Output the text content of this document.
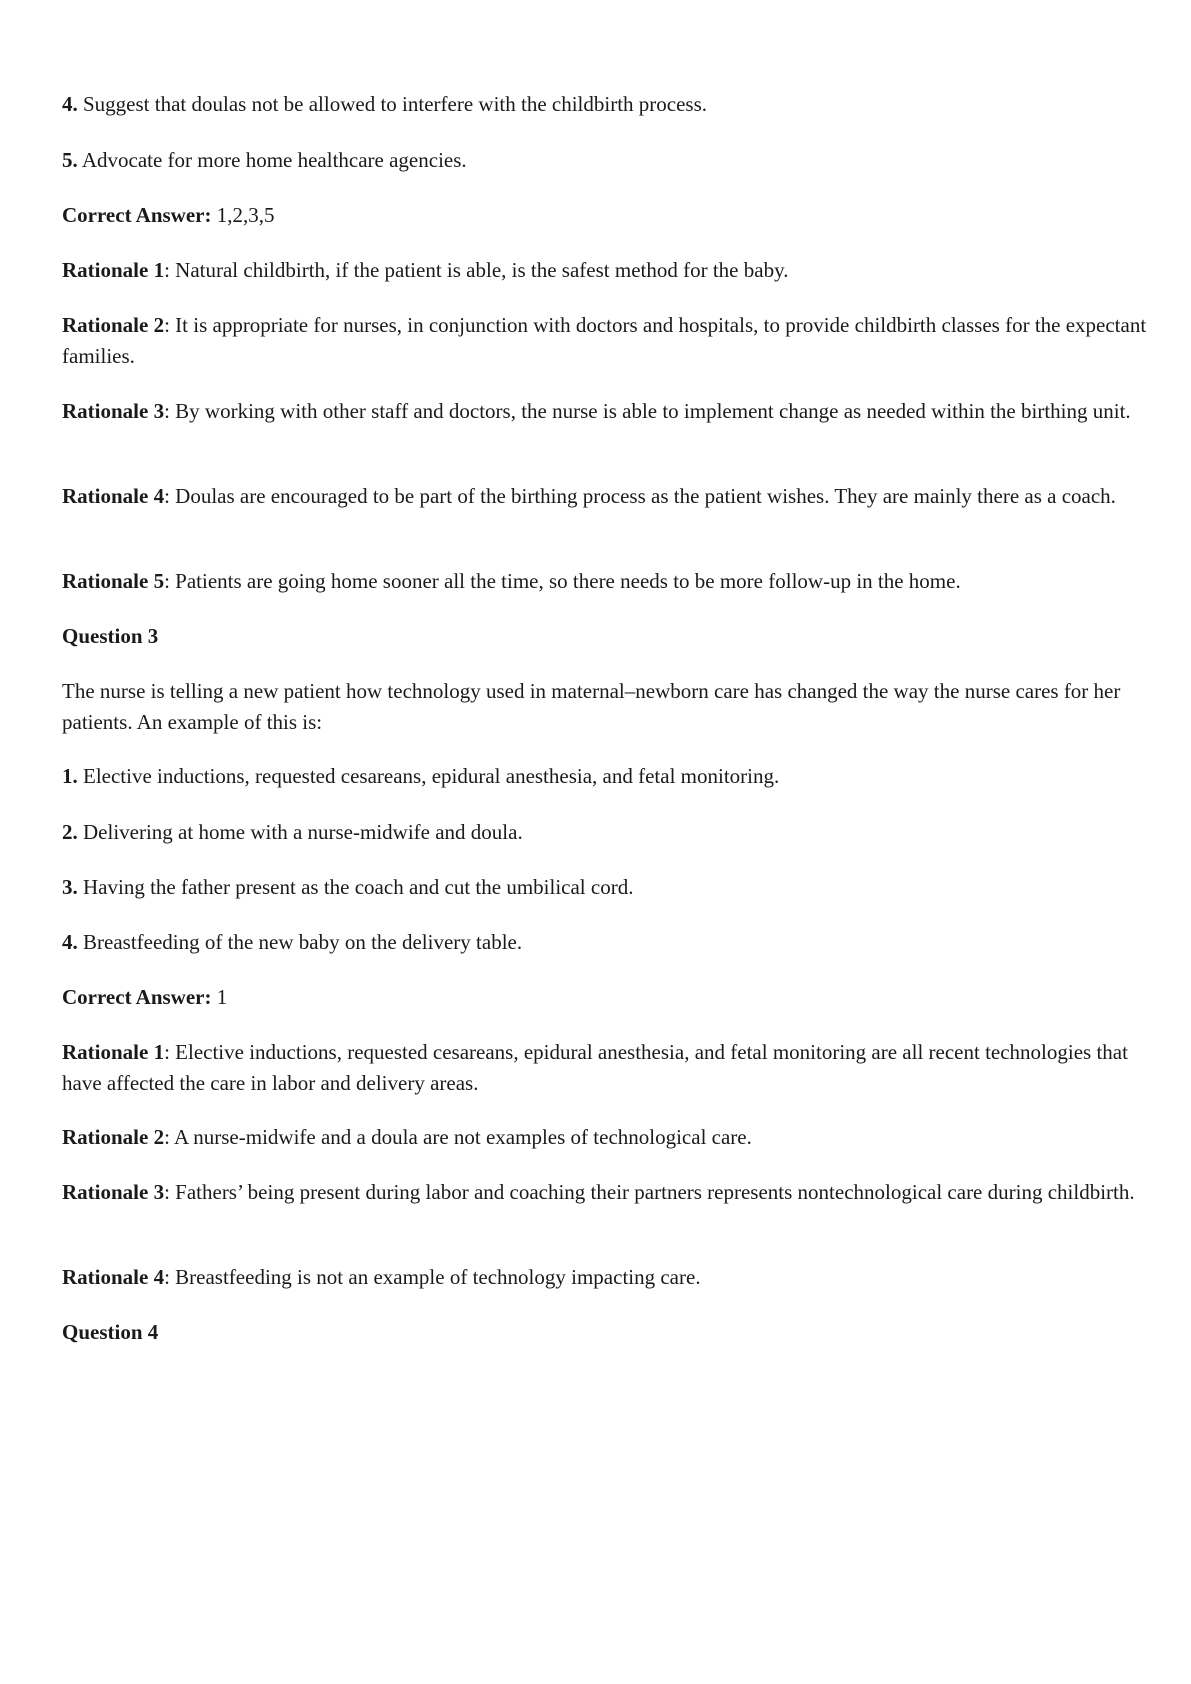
4. Suggest that doulas not be allowed to interfere with the childbirth process.

5. Advocate for more home healthcare agencies.

Correct Answer: 1,2,3,5

Rationale 1: Natural childbirth, if the patient is able, is the safest method for the baby.

Rationale 2: It is appropriate for nurses, in conjunction with doctors and hospitals, to provide childbirth classes for the expectant families.

Rationale 3: By working with other staff and doctors, the nurse is able to implement change as needed within the birthing unit.

Rationale 4: Doulas are encouraged to be part of the birthing process as the patient wishes. They are mainly there as a coach.

Rationale 5: Patients are going home sooner all the time, so there needs to be more follow-up in the home.

Question 3

The nurse is telling a new patient how technology used in maternal–newborn care has changed the way the nurse cares for her patients. An example of this is:

1. Elective inductions, requested cesareans, epidural anesthesia, and fetal monitoring.

2. Delivering at home with a nurse-midwife and doula.

3. Having the father present as the coach and cut the umbilical cord.

4. Breastfeeding of the new baby on the delivery table.

Correct Answer: 1

Rationale 1: Elective inductions, requested cesareans, epidural anesthesia, and fetal monitoring are all recent technologies that have affected the care in labor and delivery areas.

Rationale 2: A nurse-midwife and a doula are not examples of technological care.

Rationale 3: Fathers’ being present during labor and coaching their partners represents nontechnological care during childbirth.

Rationale 4: Breastfeeding is not an example of technology impacting care.

Question 4
